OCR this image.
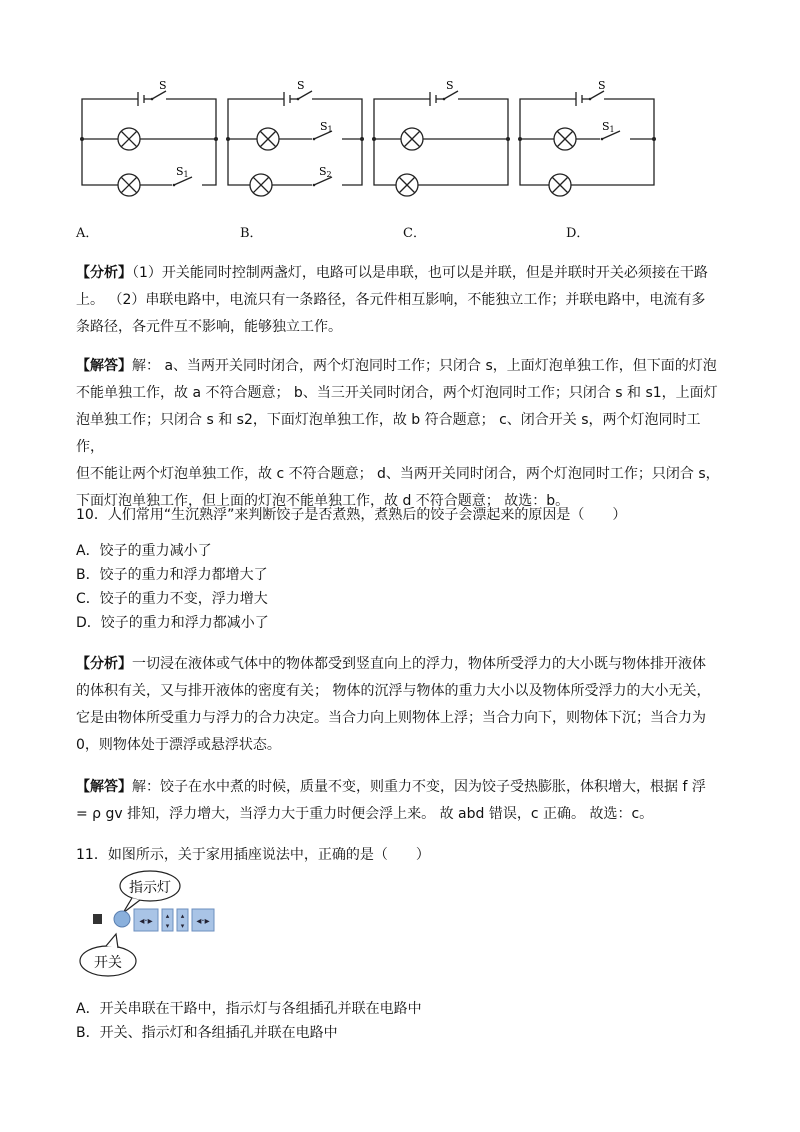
S
S1
S
S1
S2
S	S
S1
A．	B．	C．	D．
【分析】（1）开关能同时控制两盏灯，电路可以是串联，也可以是并联，但是并联时开关必须接在干路
上。 （2）串联电路中，电流只有一条路径，各元件相互影响，不能独立工作；并联电路中，电流有多
条路径，各元件互不影响，能够独立工作。
【解答】解： a、当两开关同时闭合，两个灯泡同时工作；只闭合 s，上面灯泡单独工作，但下面的灯泡
不能单独工作，故 a 不符合题意； b、当三开关同时闭合，两个灯泡同时工作；只闭合 s 和 s1，上面灯
泡单独工作；只闭合 s 和 s2，下面灯泡单独工作，故 b 符合题意； c、闭合开关 s，两个灯泡同时工作，
但不能让两个灯泡单独工作，故 c 不符合题意； d、当两开关同时闭合，两个灯泡同时工作；只闭合 s，
下面灯泡单独工作，但上面的灯泡不能单独工作，故 d 不符合题意； 故选：b。
10．人们常用“生沉熟浮”来判断饺子是否煮熟，煮熟后的饺子会漂起来的原因是（　　）
A．饺子的重力减小了
B．饺子的重力和浮力都增大了
C．饺子的重力不变，浮力增大
D．饺子的重力和浮力都减小了
【分析】一切浸在液体或气体中的物体都受到竖直向上的浮力，物体所受浮力的大小既与物体排开液体
的体积有关，又与排开液体的密度有关； 物体的沉浮与物体的重力大小以及物体所受浮力的大小无关，
它是由物体所受重力与浮力的合力决定。当合力向上则物体上浮；当合力向下，则物体下沉；当合力为
0，则物体处于漂浮或悬浮状态。
【解答】解：饺子在水中煮的时候，质量不变，则重力不变，因为饺子受热膨胀，体积增大，根据 f 浮
= ρ gv 排知，浮力增大，当浮力大于重力时便会浮上来。 故 abd 错误，c 正确。 故选：c。
11．如图所示，关于家用插座说法中，正确的是（　　）
指示灯
开关
◂·▸ ▴
▾
▴
▾ ◂·▸
A．开关串联在干路中，指示灯与各组插孔并联在电路中
B．开关、指示灯和各组插孔并联在电路中
